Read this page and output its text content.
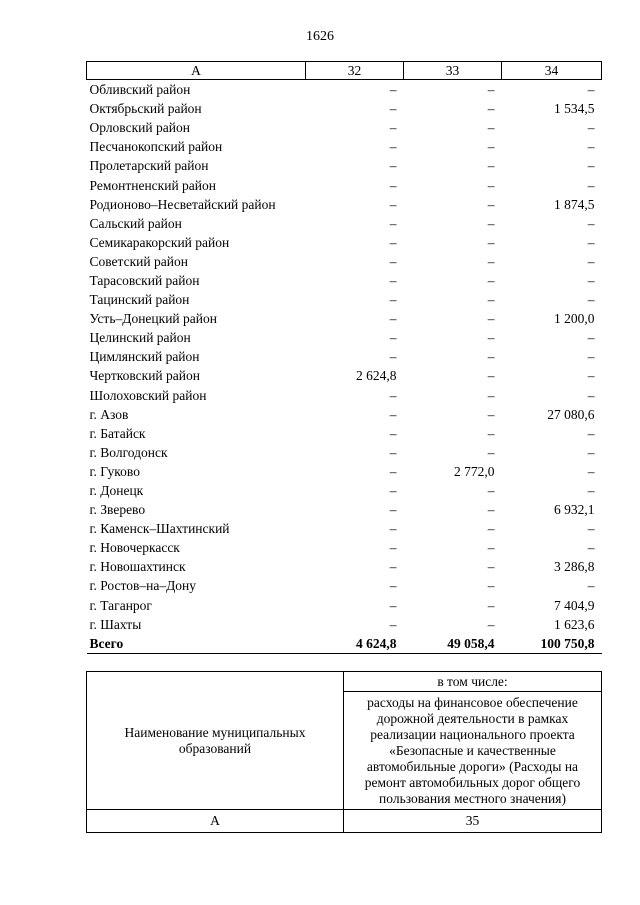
1626
А	32	33	34
Обливский район	–	–	–
Октябрьский район	–	–	1 534,5
Орловский район	–	–	–
Песчанокопский район	–	–	–
Пролетарский район	–	–	–
Ремонтненский район	–	–	–
Родионово–Несветайский район	–	–	1 874,5
Сальский район	–	–	–
Семикаракорский район	–	–	–
Советский район	–	–	–
Тарасовский район	–	–	–
Тацинский район	–	–	–
Усть–Донецкий район	–	–	1 200,0
Целинский район	–	–	–
Цимлянский район	–	–	–
Чертковский район	2 624,8	–	–
Шолоховский район	–	–	–
г. Азов	–	–	27 080,6
г. Батайск	–	–	–
г. Волгодонск	–	–	–
г. Гуково	–	2 772,0	–
г. Донецк	–	–	–
г. Зверево	–	–	6 932,1
г. Каменск–Шахтинский	–	–	–
г. Новочеркасск	–	–	–
г. Новошахтинск	–	–	3 286,8
г. Ростов–на–Дону	–	–	–
г. Таганрог	–	–	7 404,9
г. Шахты	–	–	1 623,6
Всего	4 624,8	49 058,4	100 750,8
Наименование муниципальных образований	в том числе:
	расходы на финансовое обеспечение дорожной деятельности в рамках реализации национального проекта «Безопасные и качественные автомобильные дороги» (Расходы на ремонт автомобильных дорог общего пользования местного значения)
А	35
